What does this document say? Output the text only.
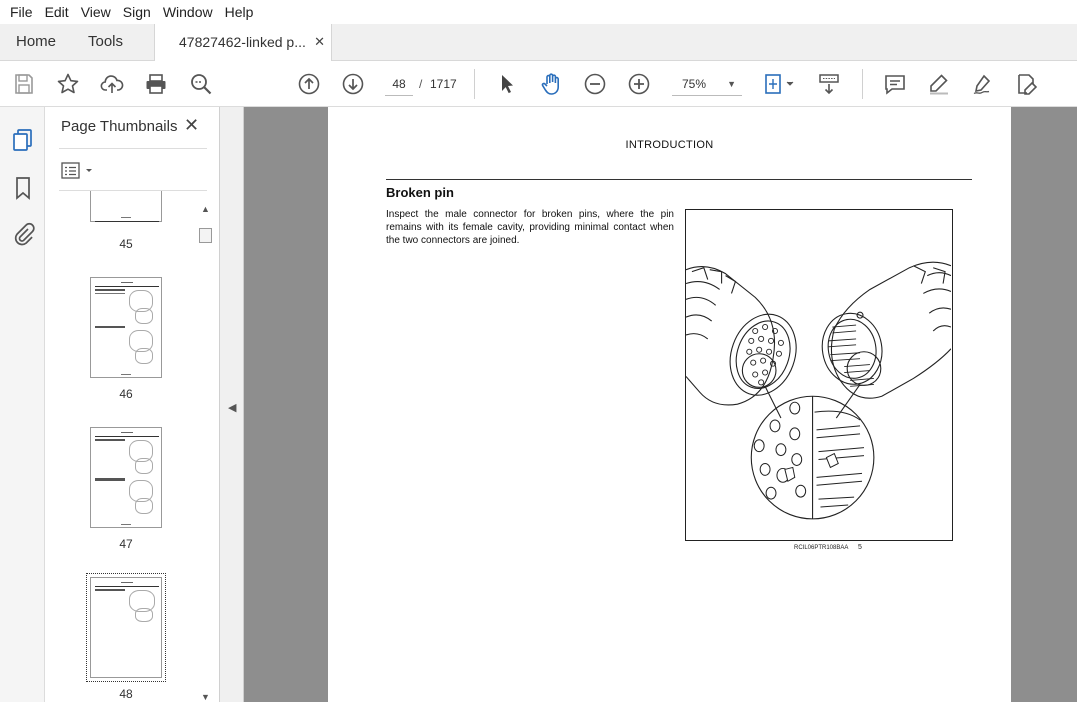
File Edit View Sign Window Help
Home Tools	47827462-linked p... ✕
48	/ 1717	75% ▼
Page Thumbnails ✕
45
46
47
48
▲
▼
◀
INTRODUCTION
Broken pin
Inspect the male connector for broken pins, where the pin remains with its female cavity, providing minimal contact when the two connectors are joined.
RCIL06PTR108BAA 5
